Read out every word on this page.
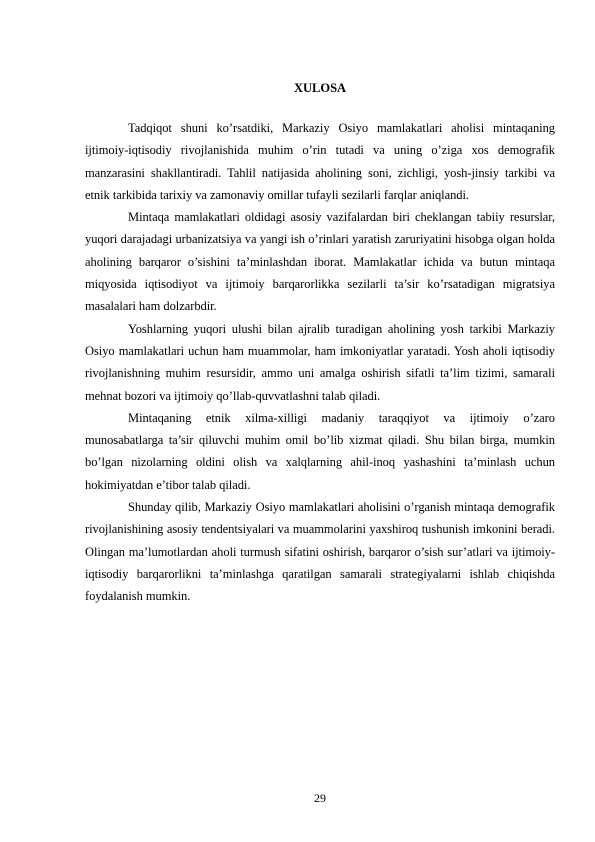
XULOSA

Tadqiqot shuni ko’rsatdiki, Markaziy Osiyo mamlakatlari aholisi mintaqaning ijtimoiy-iqtisodiy rivojlanishida muhim o’rin tutadi va uning o’ziga xos demografik manzarasini shakllantiradi. Tahlil natijasida aholining soni, zichligi, yosh-jinsiy tarkibi va etnik tarkibida tarixiy va zamonaviy omillar tufayli sezilarli farqlar aniqlandi.

Mintaqa mamlakatlari oldidagi asosiy vazifalardan biri cheklangan tabiiy resurslar, yuqori darajadagi urbanizatsiya va yangi ish o’rinlari yaratish zaruriyatini hisobga olgan holda aholining barqaror o’sishini ta’minlashdan iborat. Mamlakatlar ichida va butun mintaqa miqyosida iqtisodiyot va ijtimoiy barqarorlikka sezilarli ta’sir ko’rsatadigan migratsiya masalalari ham dolzarbdir.

Yoshlarning yuqori ulushi bilan ajralib turadigan aholining yosh tarkibi Markaziy Osiyo mamlakatlari uchun ham muammolar, ham imkoniyatlar yaratadi. Yosh aholi iqtisodiy rivojlanishning muhim resursidir, ammo uni amalga oshirish sifatli ta’lim tizimi, samarali mehnat bozori va ijtimoiy qo’llab-quvvatlashni talab qiladi.

Mintaqaning etnik xilma-xilligi madaniy taraqqiyot va ijtimoiy o’zaro munosabatlarga ta’sir qiluvchi muhim omil bo’lib xizmat qiladi. Shu bilan birga, mumkin bo’lgan nizolarning oldini olish va xalqlarning ahil-inoq yashashini ta’minlash uchun hokimiyatdan e’tibor talab qiladi.

Shunday qilib, Markaziy Osiyo mamlakatlari aholisini o’rganish mintaqa demografik rivojlanishining asosiy tendentsiyalari va muammolarini yaxshiroq tushunish imkonini beradi. Olingan ma’lumotlardan aholi turmush sifatini oshirish, barqaror o’sish sur’atlari va ijtimoiy-iqtisodiy barqarorlikni ta’minlashga qaratilgan samarali strategiyalarni ishlab chiqishda foydalanish mumkin.

29
